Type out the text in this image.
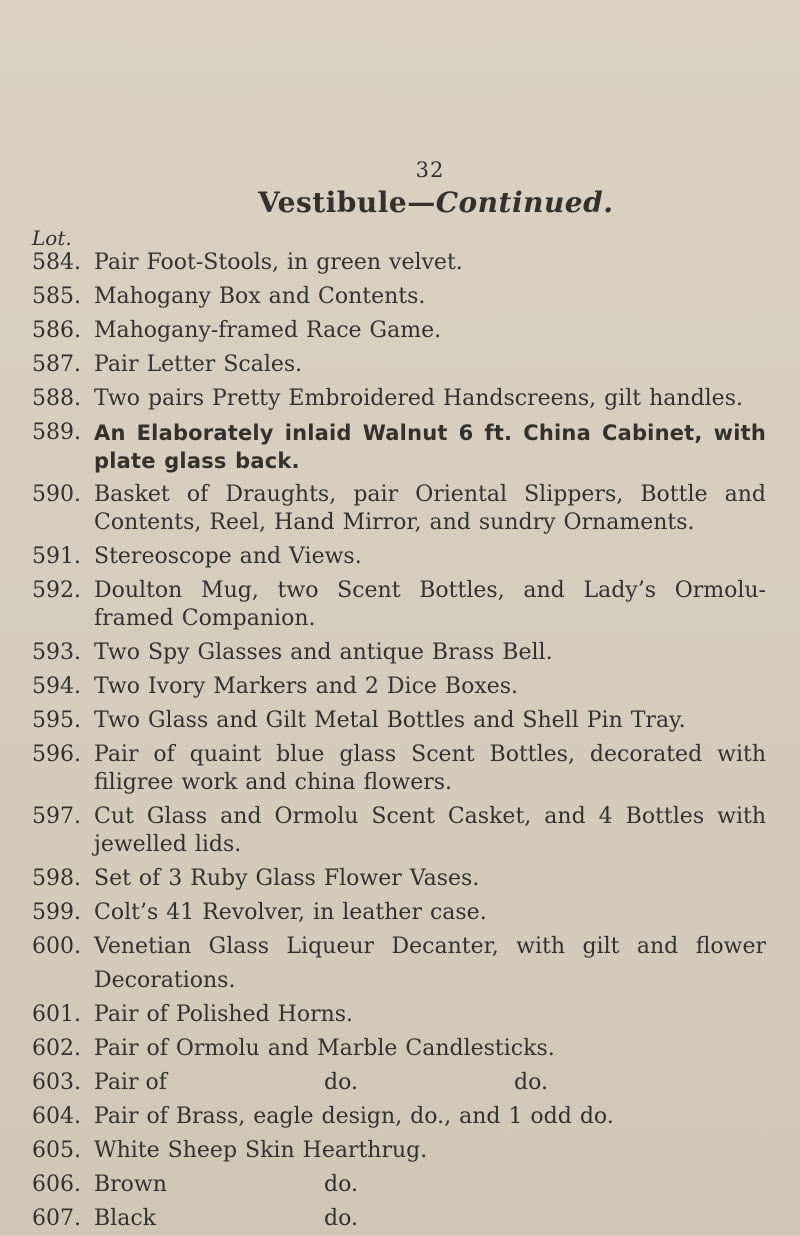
32
Vestibule—Continued.
Lot.
584. Pair Foot-Stools, in green velvet.
585. Mahogany Box and Contents.
586. Mahogany-framed Race Game.
587. Pair Letter Scales.
588. Two pairs Pretty Embroidered Handscreens, gilt handles.
589. An Elaborately inlaid Walnut 6 ft. China Cabinet, with plate glass back.
590. Basket of Draughts, pair Oriental Slippers, Bottle and Contents, Reel, Hand Mirror, and sundry Ornaments.
591. Stereoscope and Views.
592. Doulton Mug, two Scent Bottles, and Lady’s Ormolu-framed Companion.
593. Two Spy Glasses and antique Brass Bell.
594. Two Ivory Markers and 2 Dice Boxes.
595. Two Glass and Gilt Metal Bottles and Shell Pin Tray.
596. Pair of quaint blue glass Scent Bottles, decorated with filigree work and china flowers.
597. Cut Glass and Ormolu Scent Casket, and 4 Bottles with jewelled lids.
598. Set of 3 Ruby Glass Flower Vases.
599. Colt’s 41 Revolver, in leather case.
600. Venetian Glass Liqueur Decanter, with gilt and flower Decorations.
601. Pair of Polished Horns.
602. Pair of Ormolu and Marble Candlesticks.
603. Pair of	do.	do.
604. Pair of Brass, eagle design, do., and 1 odd do.
605. White Sheep Skin Hearthrug.
606. Brown	do.
607. Black	do.
